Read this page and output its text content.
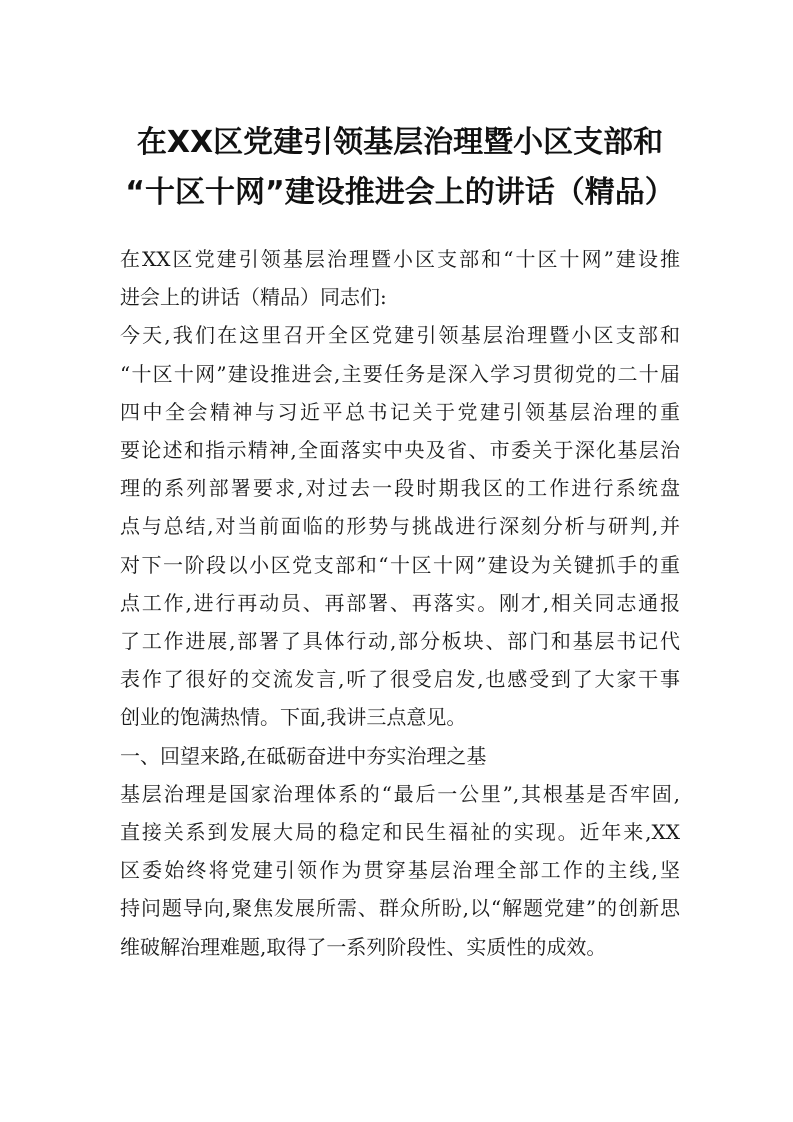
在XX区党建引领基层治理暨小区支部和
“十区十网”建设推进会上的讲话（精品）

在XX区党建引领基层治理暨小区支部和“十区十网”建设推
进会上的讲话（精品）同志们:

今天,我们在这里召开全区党建引领基层治理暨小区支部和
“十区十网”建设推进会,主要任务是深入学习贯彻党的二十届
四中全会精神与习近平总书记关于党建引领基层治理的重
要论述和指示精神,全面落实中央及省、市委关于深化基层治
理的系列部署要求,对过去一段时期我区的工作进行系统盘
点与总结,对当前面临的形势与挑战进行深刻分析与研判,并
对下一阶段以小区党支部和“十区十网”建设为关键抓手的重
点工作,进行再动员、再部署、再落实。刚才,相关同志通报
了工作进展,部署了具体行动,部分板块、部门和基层书记代
表作了很好的交流发言,听了很受启发,也感受到了大家干事
创业的饱满热情。下面,我讲三点意见。

一、回望来路,在砥砺奋进中夯实治理之基

基层治理是国家治理体系的“最后一公里”,其根基是否牢固,
直接关系到发展大局的稳定和民生福祉的实现。近年来,XX
区委始终将党建引领作为贯穿基层治理全部工作的主线,坚
持问题导向,聚焦发展所需、群众所盼,以“解题党建”的创新思
维破解治理难题,取得了一系列阶段性、实质性的成效。
